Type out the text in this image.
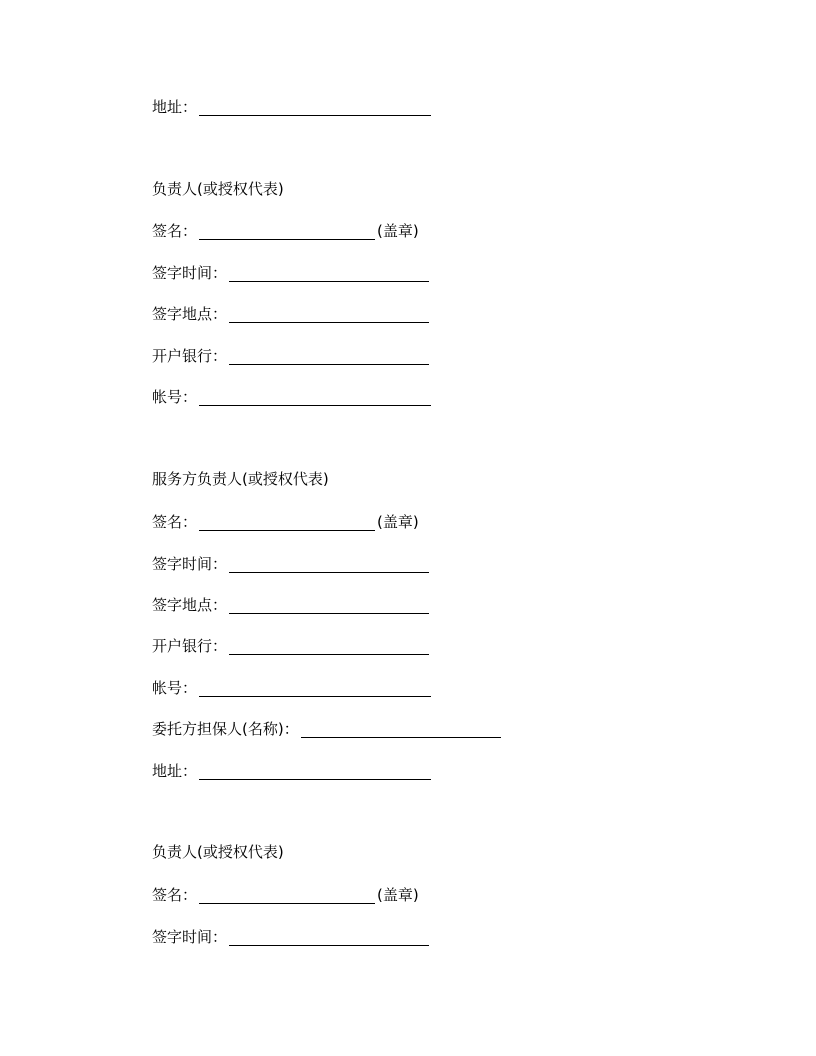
地址：
负责人(或授权代表)
签名：	(盖章)
签字时间：
签字地点：
开户银行：
帐号：
服务方负责人(或授权代表)
签名：	(盖章)
签字时间：
签字地点：
开户银行：
帐号：
委托方担保人(名称)：
地址：
负责人(或授权代表)
签名：	(盖章)
签字时间：
